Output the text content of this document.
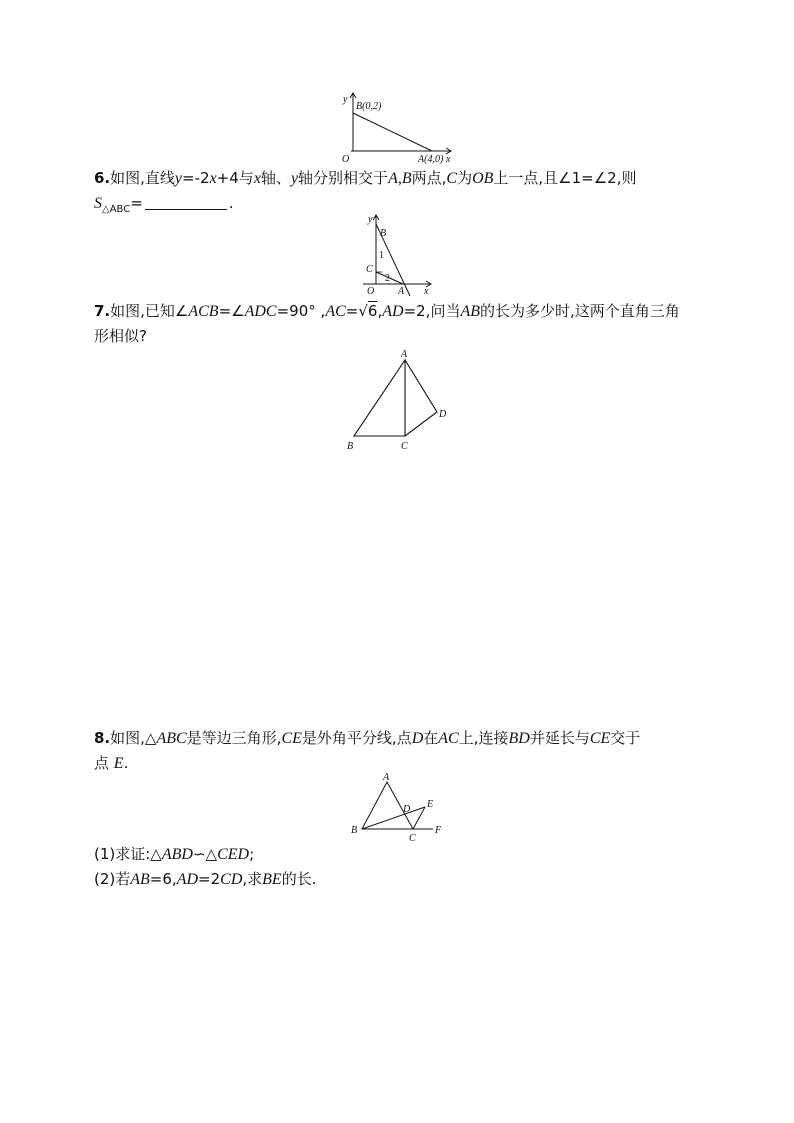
y
B(0,2)
O	A(4,0) x
6.如图,直线y=-2x+4与x轴、y轴分别相交于A,B两点,C为OB上一点,且∠1=∠2,则
$S_{\triangle ABC}=$	.
y
B
1
C
2
O A x
7.如图,已知∠ACB=∠ADC=90° ,AC=√6,AD=2,问当AB的长为多少时,这两个直角三角
形相似?
A
B	C
D
8.如图,△ABC是等边三角形,CE是外角平分线,点D在AC上,连接BD并延长与CE交于
点 E.
A
B
C
D E
F
(1)求证:△ABD∽△CED;
(2)若AB=6,AD=2CD,求BE的长.
